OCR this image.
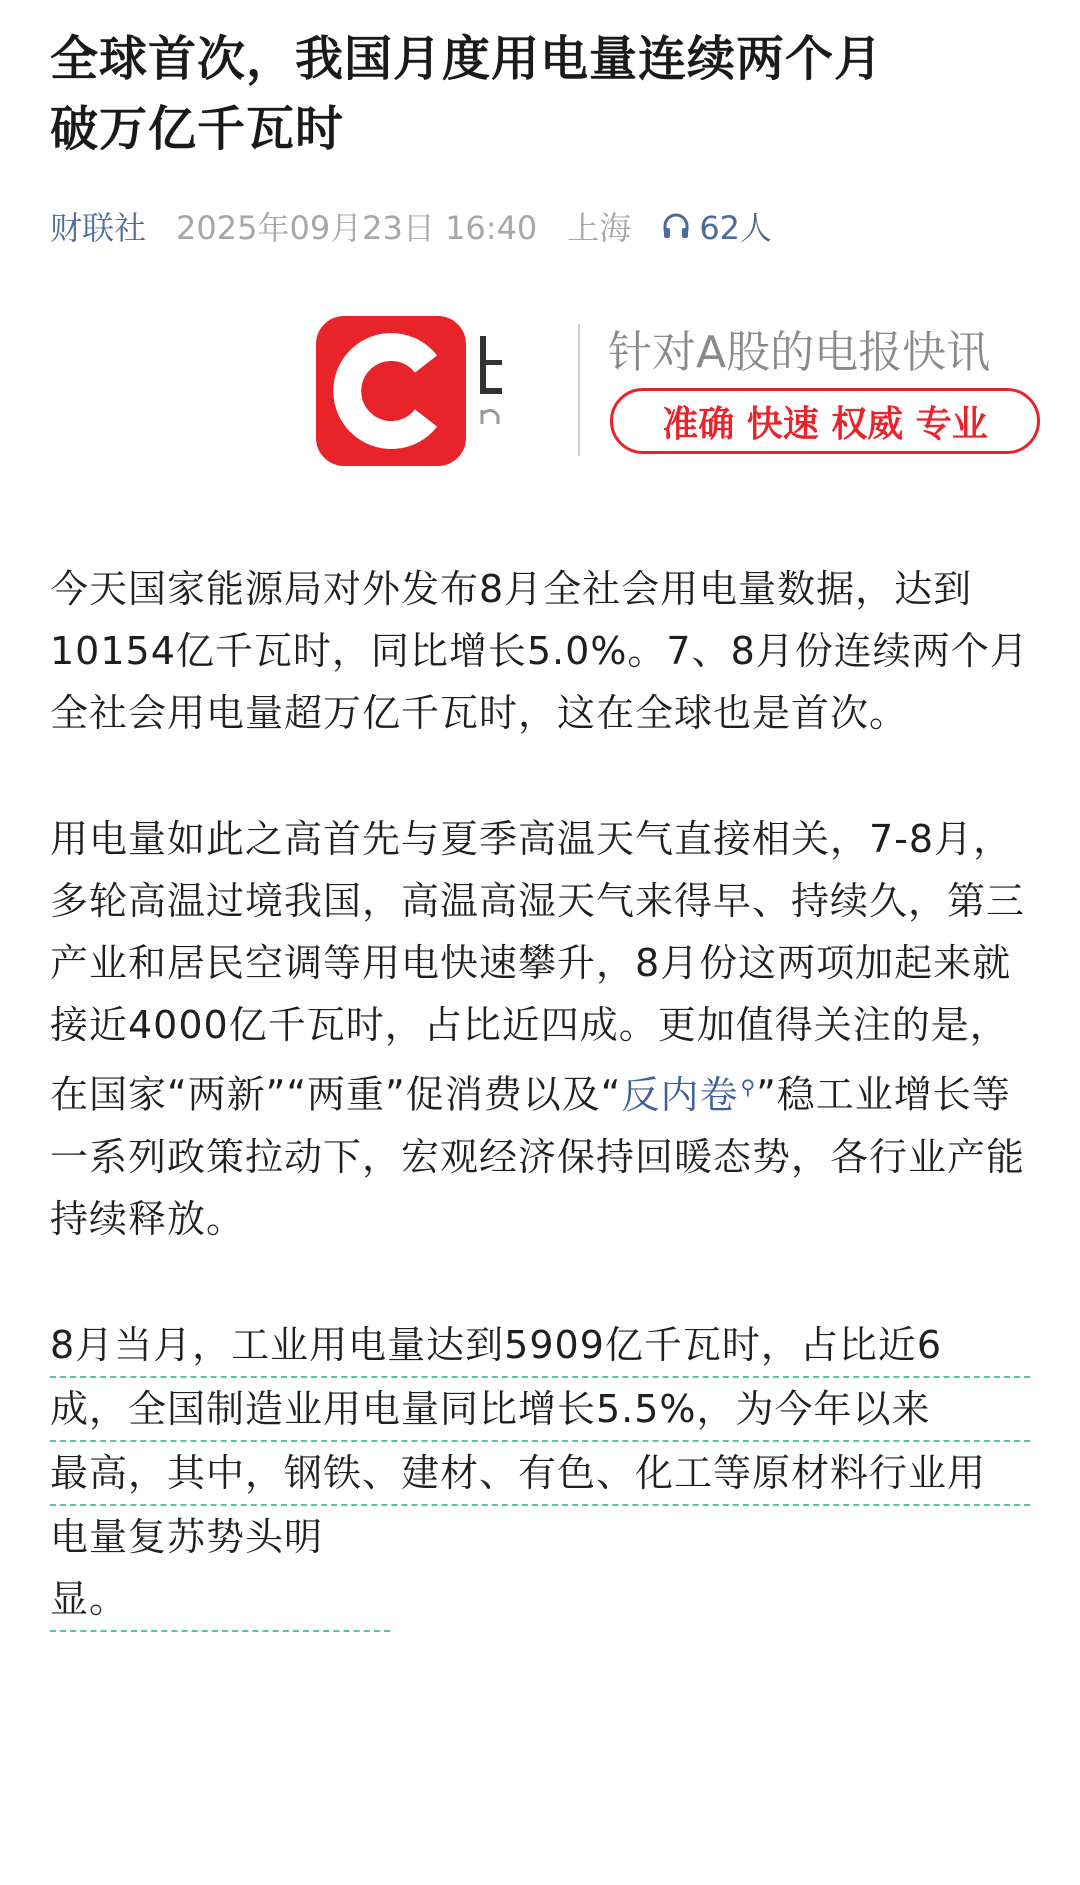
全球首次，我国月度用电量连续两个月
破万亿千瓦时
财联社 2025年09月23日 16:40 上海 62人
针对A股的电报快讯
准确 快速 权威 专业

今天国家能源局对外发布8月全社会用电量数据，达到10154亿千瓦时，同比增长5.0%。7、8月份连续两个月全社会用电量超万亿千瓦时，这在全球也是首次。

用电量如此之高首先与夏季高温天气直接相关，7-8月，多轮高温过境我国，高温高湿天气来得早、持续久，第三产业和居民空调等用电快速攀升，8月份这两项加起来就接近4000亿千瓦时，占比近四成。更加值得关注的是，在国家“两新”“两重”促消费以及“反内卷 ⚲”稳工业增长等一系列政策拉动下，宏观经济保持回暖态势，各行业产能持续释放。

8月当月，工业用电量达到5909亿千瓦时，占比近6
成，全国制造业用电量同比增长5.5%，为今年以来
最高，其中，钢铁、建材、有色、化工等原材料行业用
电量复苏势头明显。
